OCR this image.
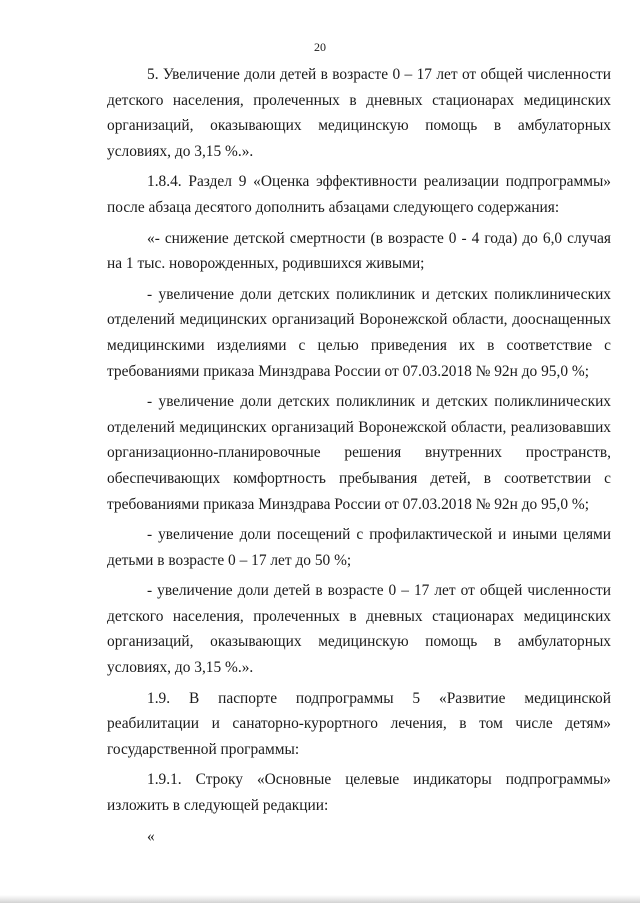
20

5. Увеличение доли детей в возрасте 0 – 17 лет от общей численности детского населения, пролеченных в дневных стационарах медицинских организаций, оказывающих медицинскую помощь в амбулаторных условиях, до 3,15 %.».

1.8.4. Раздел 9 «Оценка эффективности реализации подпрограммы» после абзаца десятого дополнить абзацами следующего содержания:

«- снижение детской смертности (в возрасте 0 - 4 года) до 6,0 случая на 1 тыс. новорожденных, родившихся живыми;

- увеличение доли детских поликлиник и детских поликлинических отделений медицинских организаций Воронежской области, дооснащенных медицинскими изделиями с целью приведения их в соответствие с требованиями приказа Минздрава России от 07.03.2018 № 92н до 95,0 %;

- увеличение доли детских поликлиник и детских поликлинических отделений медицинских организаций Воронежской области, реализовавших организационно-планировочные решения внутренних пространств, обеспечивающих комфортность пребывания детей, в соответствии с требованиями приказа Минздрава России от 07.03.2018 № 92н до 95,0 %;

- увеличение доли посещений с профилактической и иными целями детьми в возрасте 0 – 17 лет до 50 %;

- увеличение доли детей в возрасте 0 – 17 лет от общей численности детского населения, пролеченных в дневных стационарах медицинских организаций, оказывающих медицинскую помощь в амбулаторных условиях, до 3,15 %.».

1.9. В паспорте подпрограммы 5 «Развитие медицинской реабилитации и санаторно-курортного лечения, в том числе детям» государственной программы:

1.9.1. Строку «Основные целевые индикаторы подпрограммы» изложить в следующей редакции:

«
